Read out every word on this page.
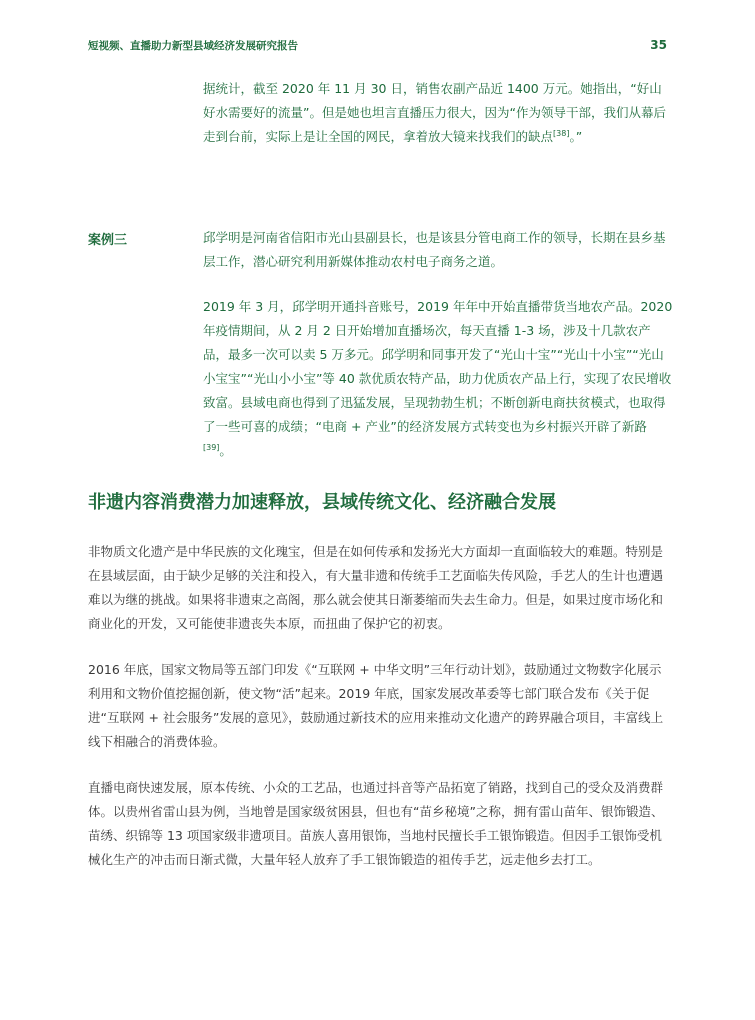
短视频、直播助力新型县域经济发展研究报告	35
据统计，截至 2020 年 11 月 30 日，销售农副产品近 1400 万元。她指出，“好山好水需要好的流量”。但是她也坦言直播压力很大，因为“作为领导干部，我们从幕后走到台前，实际上是让全国的网民，拿着放大镜来找我们的缺点[38]。”
案例三	邱学明是河南省信阳市光山县副县长，也是该县分管电商工作的领导，长期在县乡基层工作，潜心研究利用新媒体推动农村电子商务之道。
2019 年 3 月，邱学明开通抖音账号，2019 年年中开始直播带货当地农产品。2020 年疫情期间，从 2 月 2 日开始增加直播场次，每天直播 1-3 场，涉及十几款农产品，最多一次可以卖 5 万多元。邱学明和同事开发了“光山十宝”“光山十小宝”“光山小宝宝”“光山小小宝”等 40 款优质农特产品，助力优质农产品上行，实现了农民增收致富。县域电商也得到了迅猛发展，呈现勃勃生机；不断创新电商扶贫模式，也取得了一些可喜的成绩；“电商 + 产业”的经济发展方式转变也为乡村振兴开辟了新路[39]。
非遗内容消费潜力加速释放，县域传统文化、经济融合发展
非物质文化遗产是中华民族的文化瑰宝，但是在如何传承和发扬光大方面却一直面临较大的难题。特别是在县域层面，由于缺少足够的关注和投入，有大量非遗和传统手工艺面临失传风险，手艺人的生计也遭遇难以为继的挑战。如果将非遗束之高阁，那么就会使其日渐萎缩而失去生命力。但是，如果过度市场化和商业化的开发，又可能使非遗丧失本原，而扭曲了保护它的初衷。
2016 年底，国家文物局等五部门印发《“互联网 + 中华文明”三年行动计划》，鼓励通过文物数字化展示利用和文物价值挖掘创新，使文物“活”起来。2019 年底，国家发展改革委等七部门联合发布《关于促进“互联网 + 社会服务”发展的意见》，鼓励通过新技术的应用来推动文化遗产的跨界融合项目，丰富线上线下相融合的消费体验。
直播电商快速发展，原本传统、小众的工艺品，也通过抖音等产品拓宽了销路，找到自己的受众及消费群体。以贵州省雷山县为例，当地曾是国家级贫困县，但也有“苗乡秘境”之称，拥有雷山苗年、银饰锻造、苗绣、织锦等 13 项国家级非遗项目。苗族人喜用银饰，当地村民擅长手工银饰锻造。但因手工银饰受机械化生产的冲击而日渐式微，大量年轻人放弃了手工银饰锻造的祖传手艺，远走他乡去打工。
